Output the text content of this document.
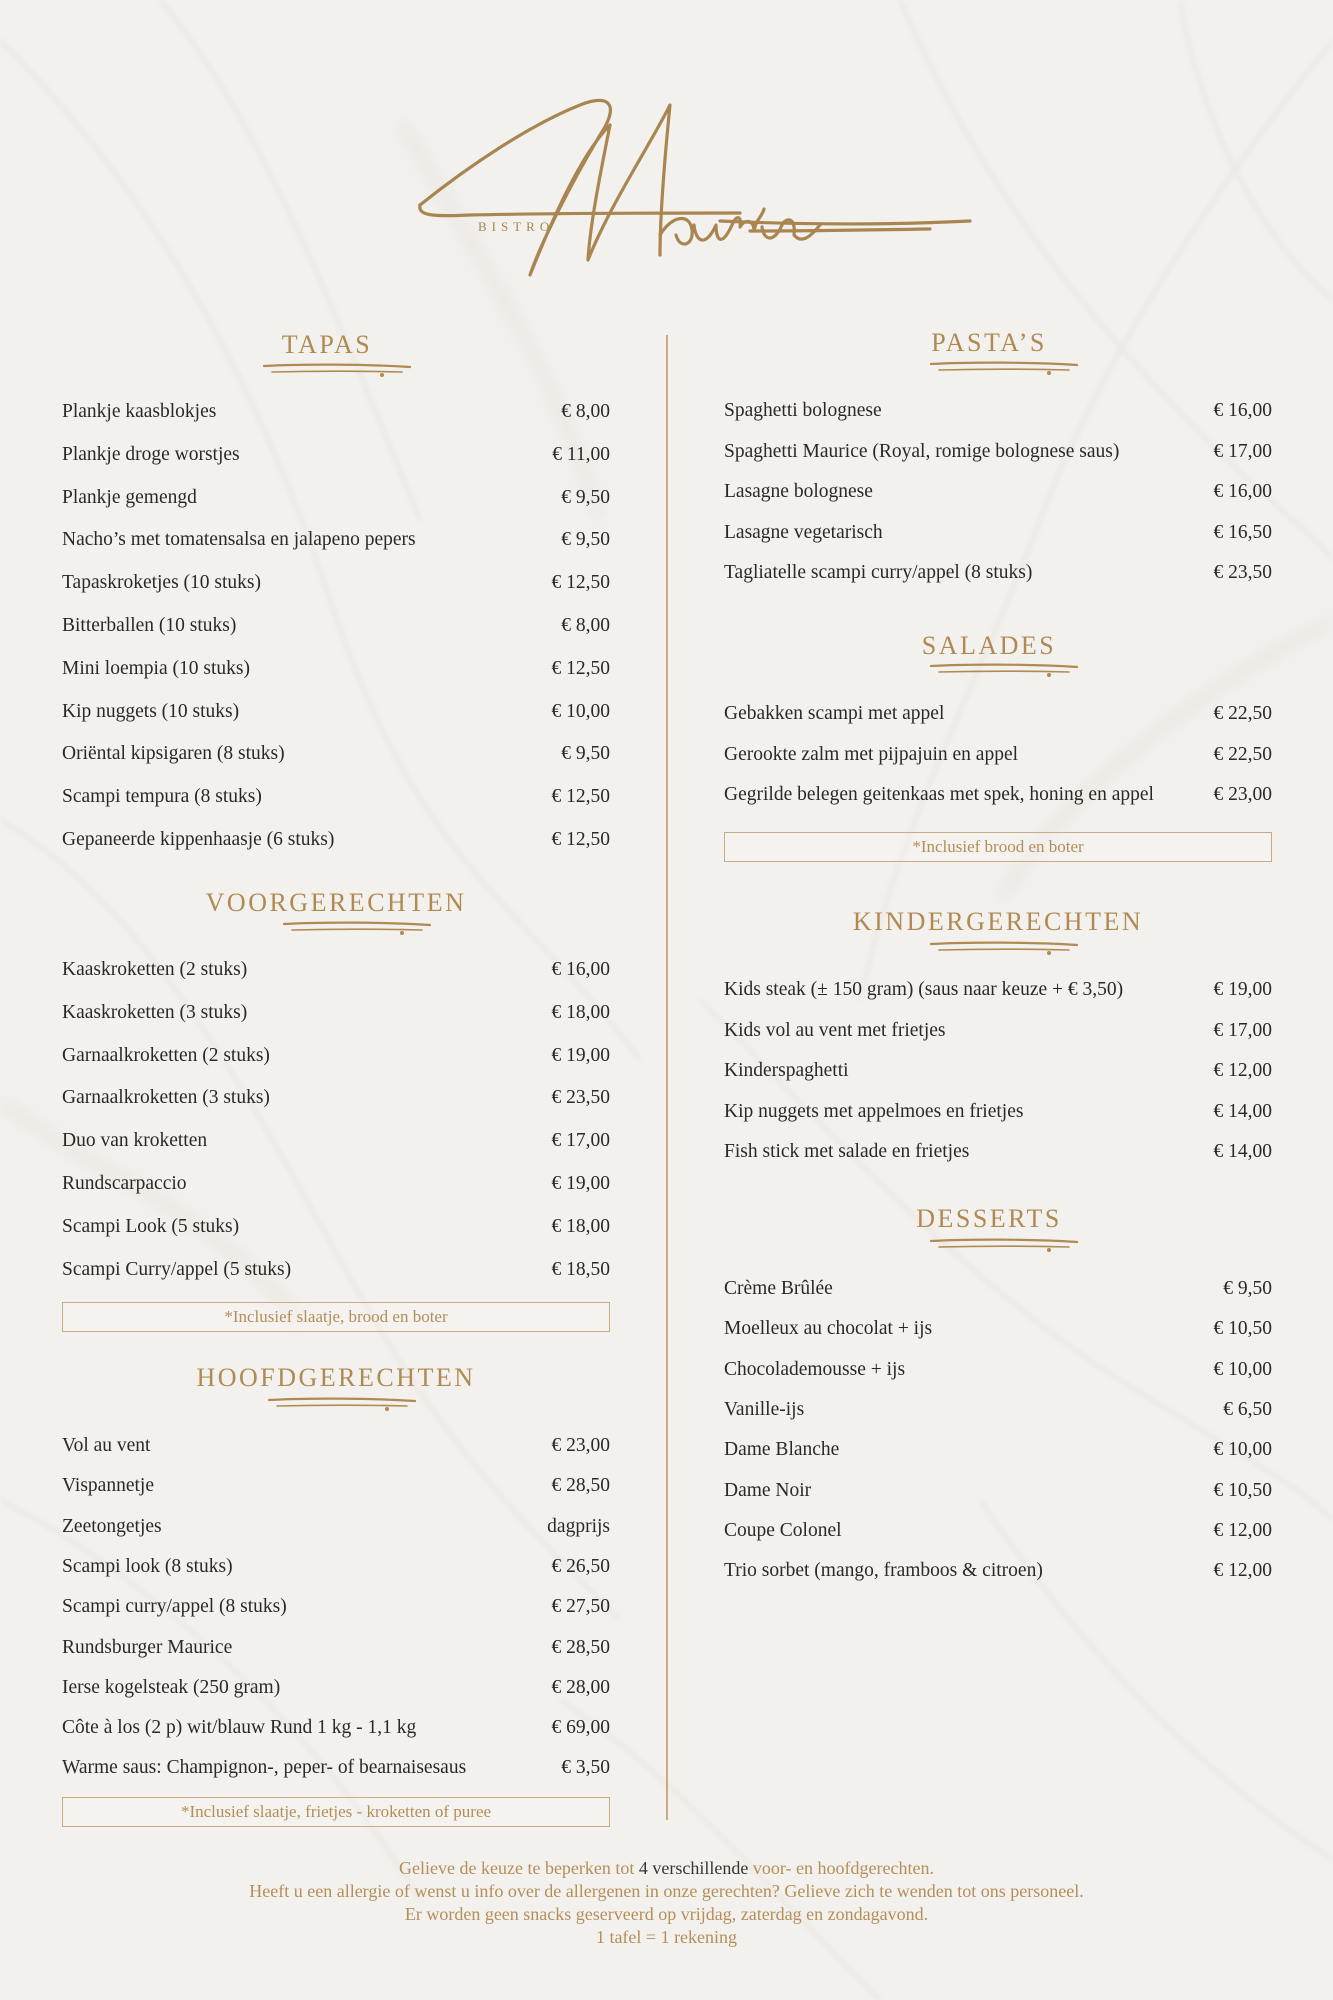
BISTRO
TAPAS
Plankje kaasblokjes	€ 8,00
Plankje droge worstjes	€ 11,00
Plankje gemengd	€ 9,50
Nacho’s met tomatensalsa en jalapeno pepers	€ 9,50
Tapaskroketjes (10 stuks)	€ 12,50
Bitterballen (10 stuks)	€ 8,00
Mini loempia (10 stuks)	€ 12,50
Kip nuggets (10 stuks)	€ 10,00
Oriëntal kipsigaren (8 stuks)	€ 9,50
Scampi tempura (8 stuks)	€ 12,50
Gepaneerde kippenhaasje (6 stuks)	€ 12,50
VOORGERECHTEN
Kaaskroketten (2 stuks)	€ 16,00
Kaaskroketten (3 stuks)	€ 18,00
Garnaalkroketten (2 stuks)	€ 19,00
Garnaalkroketten (3 stuks)	€ 23,50
Duo van kroketten	€ 17,00
Rundscarpaccio	€ 19,00
Scampi Look (5 stuks)	€ 18,00
Scampi Curry/appel (5 stuks)	€ 18,50
*Inclusief slaatje, brood en boter
HOOFDGERECHTEN
Vol au vent	€ 23,00
Vispannetje	€ 28,50
Zeetongetjes	dagprijs
Scampi look (8 stuks)	€ 26,50
Scampi curry/appel (8 stuks)	€ 27,50
Rundsburger Maurice	€ 28,50
Ierse kogelsteak (250 gram)	€ 28,00
Côte à los (2 p) wit/blauw Rund 1 kg - 1,1 kg	€ 69,00
Warme saus: Champignon-, peper- of bearnaisesaus	€ 3,50
*Inclusief slaatje, frietjes - kroketten of puree
PASTA’S
Spaghetti bolognese	€ 16,00
Spaghetti Maurice (Royal, romige bolognese saus)	€ 17,00
Lasagne bolognese	€ 16,00
Lasagne vegetarisch	€ 16,50
Tagliatelle scampi curry/appel (8 stuks)	€ 23,50
SALADES
Gebakken scampi met appel	€ 22,50
Gerookte zalm met pijpajuin en appel	€ 22,50
Gegrilde belegen geitenkaas met spek, honing en appel	€ 23,00
*Inclusief brood en boter
KINDERGERECHTEN
Kids steak (± 150 gram) (saus naar keuze + € 3,50)	€ 19,00
Kids vol au vent met frietjes	€ 17,00
Kinderspaghetti	€ 12,00
Kip nuggets met appelmoes en frietjes	€ 14,00
Fish stick met salade en frietjes	€ 14,00
DESSERTS
Crème Brûlée	€ 9,50
Moelleux au chocolat + ijs	€ 10,50
Chocolademousse + ijs	€ 10,00
Vanille-ijs	€ 6,50
Dame Blanche	€ 10,00
Dame Noir	€ 10,50
Coupe Colonel	€ 12,00
Trio sorbet (mango, framboos & citroen)	€ 12,00
Gelieve de keuze te beperken tot 4 verschillende voor- en hoofdgerechten.
Heeft u een allergie of wenst u info over de allergenen in onze gerechten? Gelieve zich te wenden tot ons personeel.
Er worden geen snacks geserveerd op vrijdag, zaterdag en zondagavond.
1 tafel = 1 rekening
